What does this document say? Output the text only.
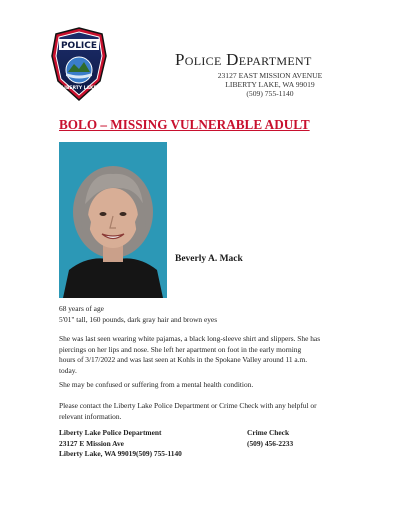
POLICE
LIBERTY LAKE
Police Department
23127 EAST MISSION AVENUE
LIBERTY LAKE, WA 99019
(509) 755-1140
BOLO – MISSING VULNERABLE ADULT
Beverly A. Mack
68 years of age
5'01" tall, 160 pounds, dark gray hair and brown eyes
She was last seen wearing white pajamas, a black long-sleeve shirt and slippers. She has
piercings on her lips and nose. She left her apartment on foot in the early morning
hours of 3/17/2022 and was last seen at Kohls in the Spokane Valley around 11 a.m.
today.
She may be confused or suffering from a mental health condition.
Please contact the Liberty Lake Police Department or Crime Check with any helpful or
relevant information.
Liberty Lake Police Department
23127 E Mission Ave
Liberty Lake, WA 99019(509) 755-1140
Crime Check
(509) 456-2233
